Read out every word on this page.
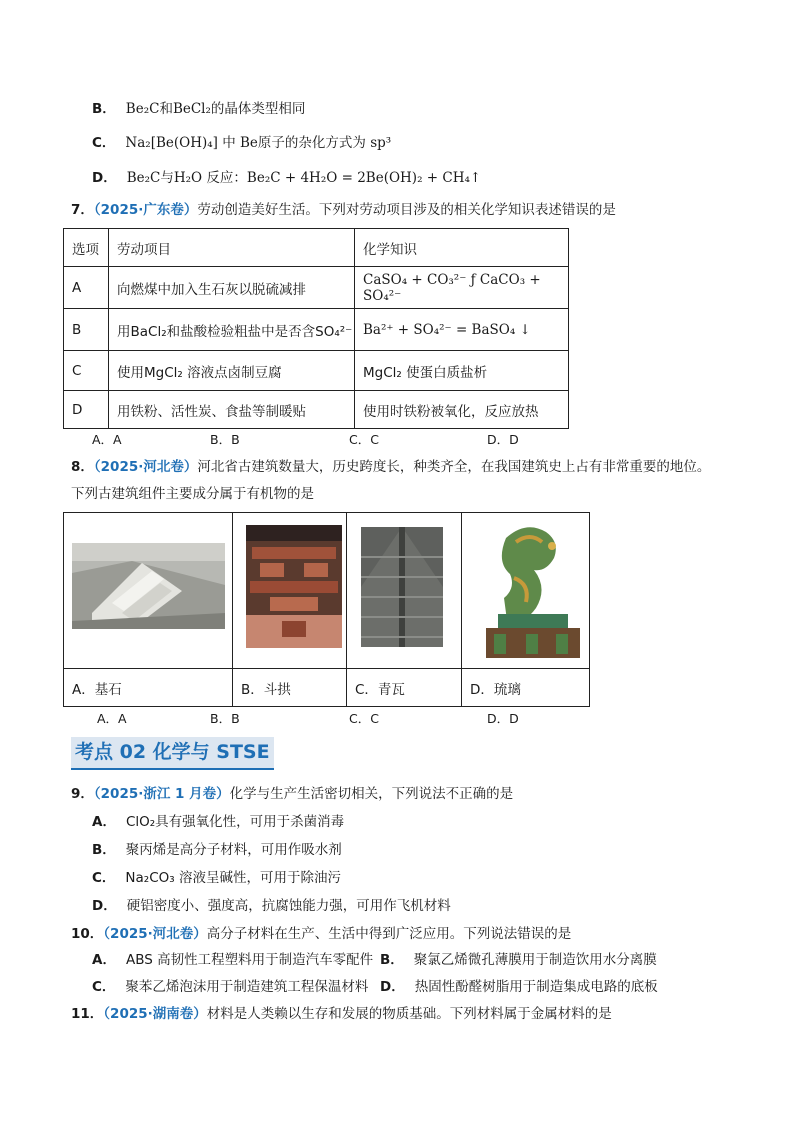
B． Be₂C和BeCl₂的晶体类型相同
C． Na₂[Be(OH)₄] 中 Be原子的杂化方式为 sp³
D． Be₂C与H₂O 反应：Be₂C + 4H₂O = 2Be(OH)₂ + CH₄↑
7．（2025·广东卷）劳动创造美好生活。下列对劳动项目涉及的相关化学知识表述错误的是
选项	劳动项目	化学知识
A	向燃煤中加入生石灰以脱硫减排	CaSO₄ + CO₃²⁻ ƒ CaCO₃ + SO₄²⁻
B	用BaCl₂和盐酸检验粗盐中是否含SO₄²⁻	Ba²⁺ + SO₄²⁻ = BaSO₄ ↓
C	使用MgCl₂ 溶液点卤制豆腐	MgCl₂ 使蛋白质盐析
D	用铁粉、活性炭、食盐等制暖贴	使用时铁粉被氧化，反应放热
A．A	B．B	C．C	D．D
8．（2025·河北卷）河北省古建筑数量大，历史跨度长，种类齐全，在我国建筑史上占有非常重要的地位。
下列古建筑组件主要成分属于有机物的是

A．基石	B．斗拱	C．青瓦	D．琉璃
A．A	B．B	C．C	D．D
考点 02 化学与 STSE
9．（2025·浙江 1 月卷）化学与生产生活密切相关，下列说法不正确的是
A． ClO₂具有强氧化性，可用于杀菌消毒
B． 聚丙烯是高分子材料，可用作吸水剂
C． Na₂CO₃ 溶液呈碱性，可用于除油污
D． 硬铝密度小、强度高，抗腐蚀能力强，可用作飞机材料
10．（2025·河北卷）高分子材料在生产、生活中得到广泛应用。下列说法错误的是
A． ABS 高韧性工程塑料用于制造汽车零配件 B． 聚氯乙烯微孔薄膜用于制造饮用水分离膜
C． 聚苯乙烯泡沫用于制造建筑工程保温材料 D． 热固性酚醛树脂用于制造集成电路的底板
11．（2025·湖南卷）材料是人类赖以生存和发展的物质基础。下列材料属于金属材料的是
